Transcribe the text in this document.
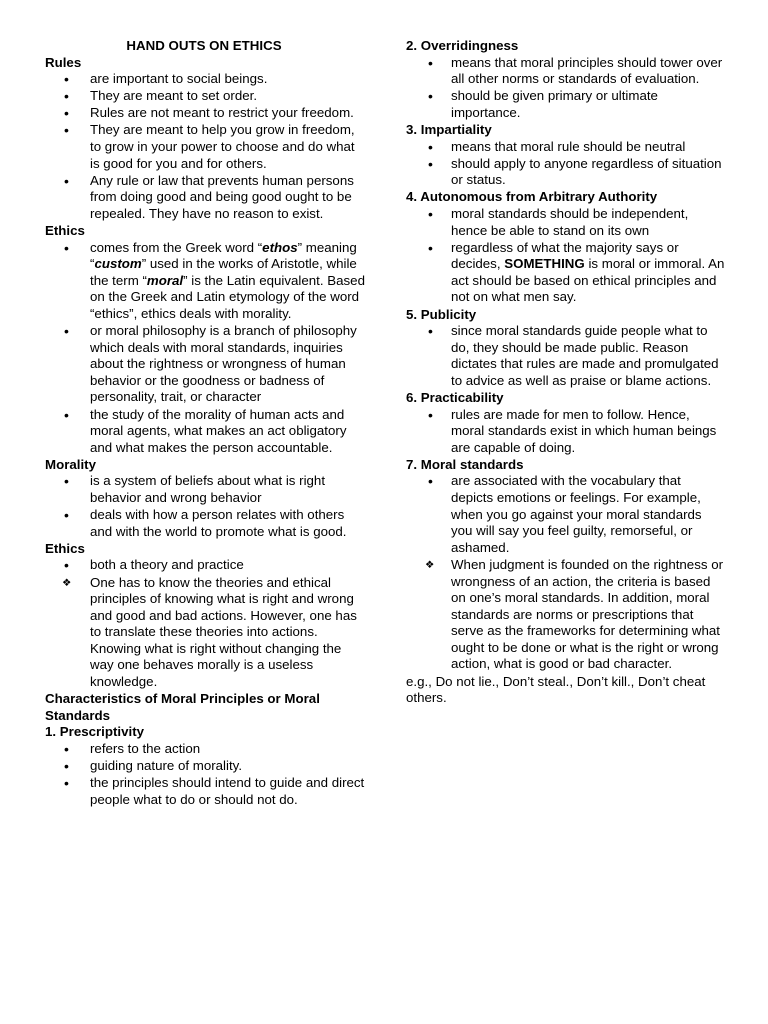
HAND OUTS ON ETHICS

Rules

• are important to social beings.
• They are meant to set order.
• Rules are not meant to restrict your freedom.
• They are meant to help you grow in freedom, to grow in your power to choose and do what is good for you and for others.
• Any rule or law that prevents human persons from doing good and being good ought to be repealed. They have no reason to exist.

Ethics

• comes from the Greek word “ethos” meaning “custom” used in the works of Aristotle, while the term “moral” is the Latin equivalent. Based on the Greek and Latin etymology of the word “ethics”, ethics deals with morality.
• or moral philosophy is a branch of philosophy which deals with moral standards, inquiries about the rightness or wrongness of human behavior or the goodness or badness of personality, trait, or character
• the study of the morality of human acts and moral agents, what makes an act obligatory and what makes the person accountable.

Morality

• is a system of beliefs about what is right behavior and wrong behavior
• deals with how a person relates with others and with the world to promote what is good.

Ethics

• both a theory and practice
❖ One has to know the theories and ethical principles of knowing what is right and wrong and good and bad actions. However, one has to translate these theories into actions. Knowing what is right without changing the way one behaves morally is a useless knowledge.

Characteristics of Moral Principles or Moral Standards

1. Prescriptivity

• refers to the action
• guiding nature of morality.
• the principles should intend to guide and direct people what to do or should not do.

2. Overridingness

• means that moral principles should tower over all other norms or standards of evaluation.
• should be given primary or ultimate importance.

3. Impartiality

• means that moral rule should be neutral
• should apply to anyone regardless of situation or status.

4. Autonomous from Arbitrary Authority

• moral standards should be independent, hence be able to stand on its own
• regardless of what the majority says or decides, SOMETHING is moral or immoral. An act should be based on ethical principles and not on what men say.

5. Publicity

• since moral standards guide people what to do, they should be made public. Reason dictates that rules are made and promulgated to advice as well as praise or blame actions.

6. Practicability

• rules are made for men to follow. Hence, moral standards exist in which human beings are capable of doing.

7. Moral standards

• are associated with the vocabulary that depicts emotions or feelings. For example, when you go against your moral standards you will say you feel guilty, remorseful, or ashamed.
❖ When judgment is founded on the rightness or wrongness of an action, the criteria is based on one’s moral standards. In addition, moral standards are norms or prescriptions that serve as the frameworks for determining what ought to be done or what is the right or wrong action, what is good or bad character.

e.g., Do not lie., Don’t steal., Don’t kill., Don’t cheat others.
